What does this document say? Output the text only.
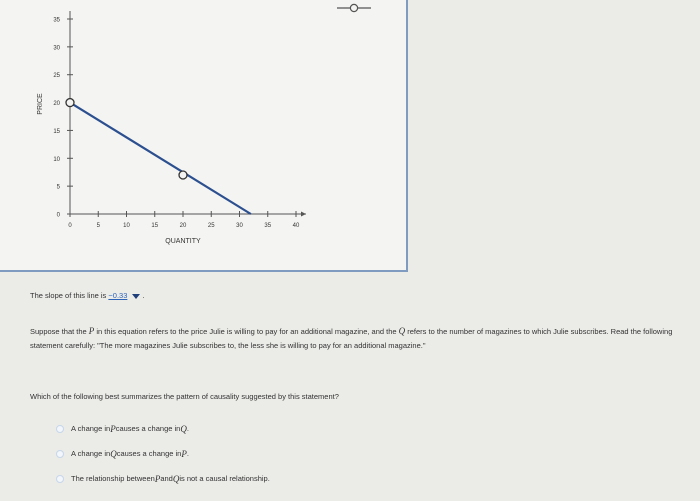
PRICE
QUANTITY
0
5
10
15
20
25
30
35
0	5	10	15	20	25	30	35	40
The slope of this line is −0.33 .
Suppose that the P in this equation refers to the price Julie is willing to pay for an additional magazine, and the Q refers to the number of magazines to which Julie subscribes. Read the following statement carefully: "The more magazines Julie subscribes to, the less she is willing to pay for an additional magazine."
Which of the following best summarizes the pattern of causality suggested by this statement?
A change in P causes a change in Q .
A change in Q causes a change in P .
The relationship between P and Q is not a causal relationship.
